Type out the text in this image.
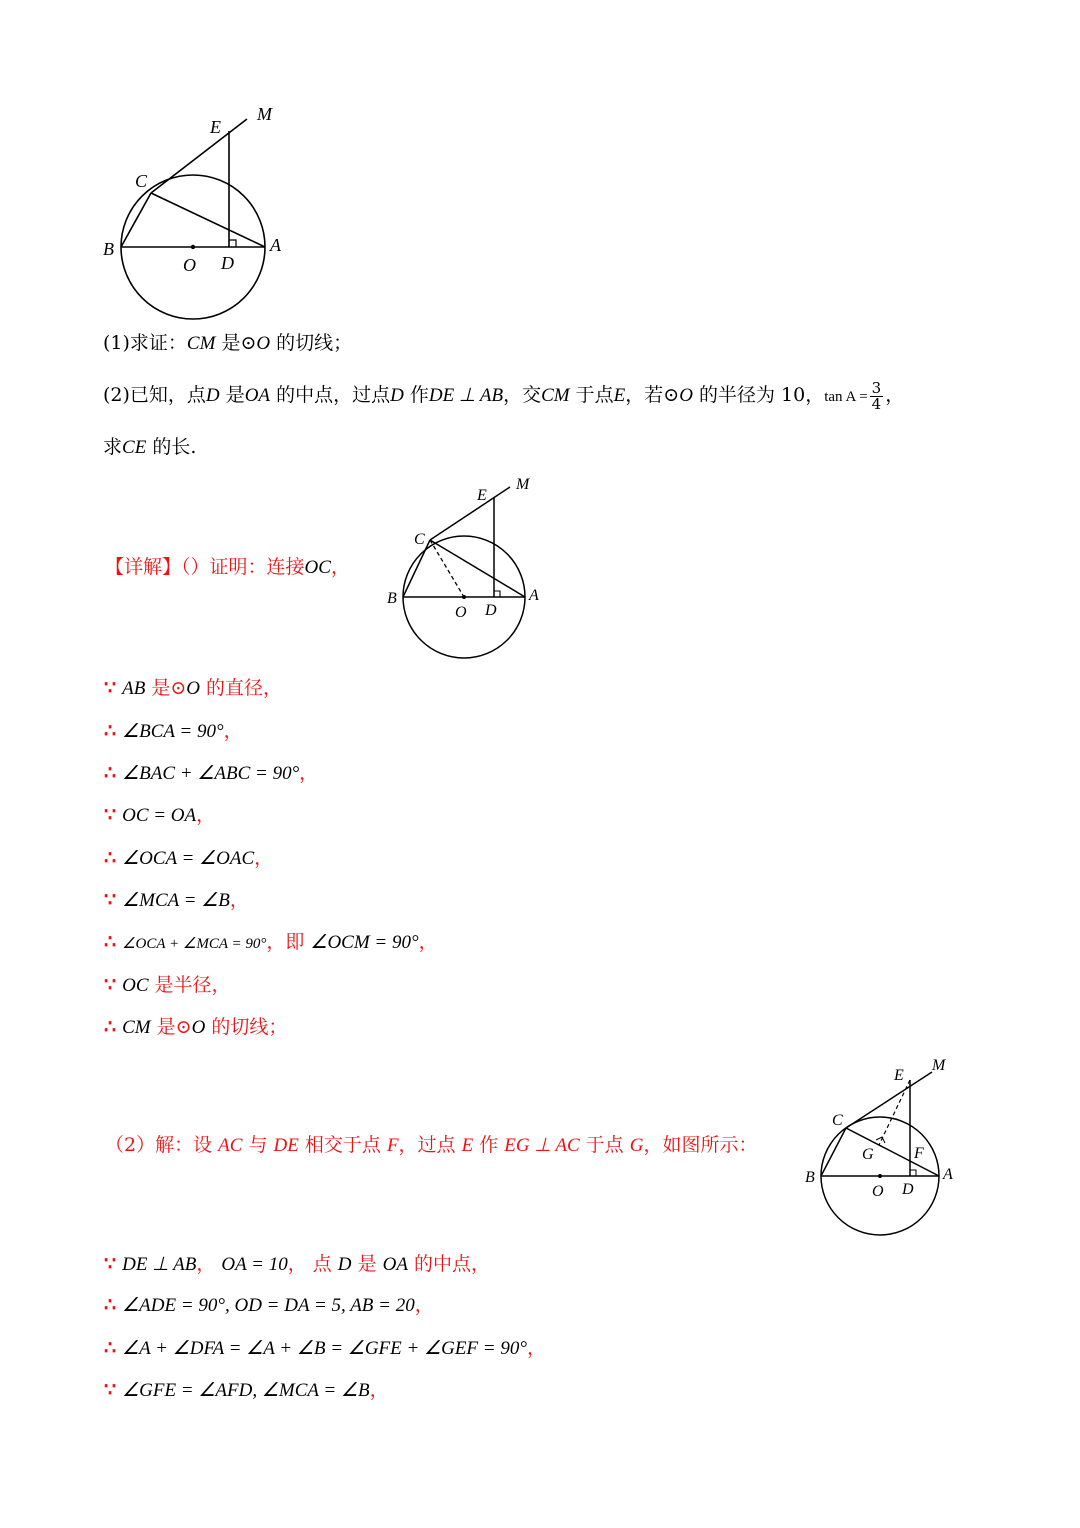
E
M
C
B
O D
A
(1)求证：CM 是⊙O 的切线；
(2)已知，点D 是OA 的中点，过点D 作DE ⊥ AB，交CM 于点E，若⊙O 的半径为 10，$\tan A = \frac{3}{4}$ ，
求CE 的长.
【详解】（）证明：连接OC，
E
M
C
B
O D
A
∵ AB 是⊙O 的直径，
∴ ∠BCA = 90°，
∴ ∠BAC + ∠ABC = 90°，
∵ OC = OA，
∴ ∠OCA = ∠OAC，
∵ ∠MCA = ∠B，
∴ ∠OCA + ∠MCA = 90°，即 ∠OCM = 90°，
∵ OC 是半径，
∴ CM 是⊙O 的切线；
（2）解：设 AC 与 DE 相交于点 F，过点 E 作 EG ⊥ AC 于点 G，如图所示：
E
M
C
G	F
B
O D
A
∵ DE ⊥ AB， OA = 10， 点 D 是 OA 的中点，
∴ ∠ADE = 90°, OD = DA = 5, AB = 20，
∴ ∠A + ∠DFA = ∠A + ∠B = ∠GFE + ∠GEF = 90°，
∵ ∠GFE = ∠AFD, ∠MCA = ∠B，
